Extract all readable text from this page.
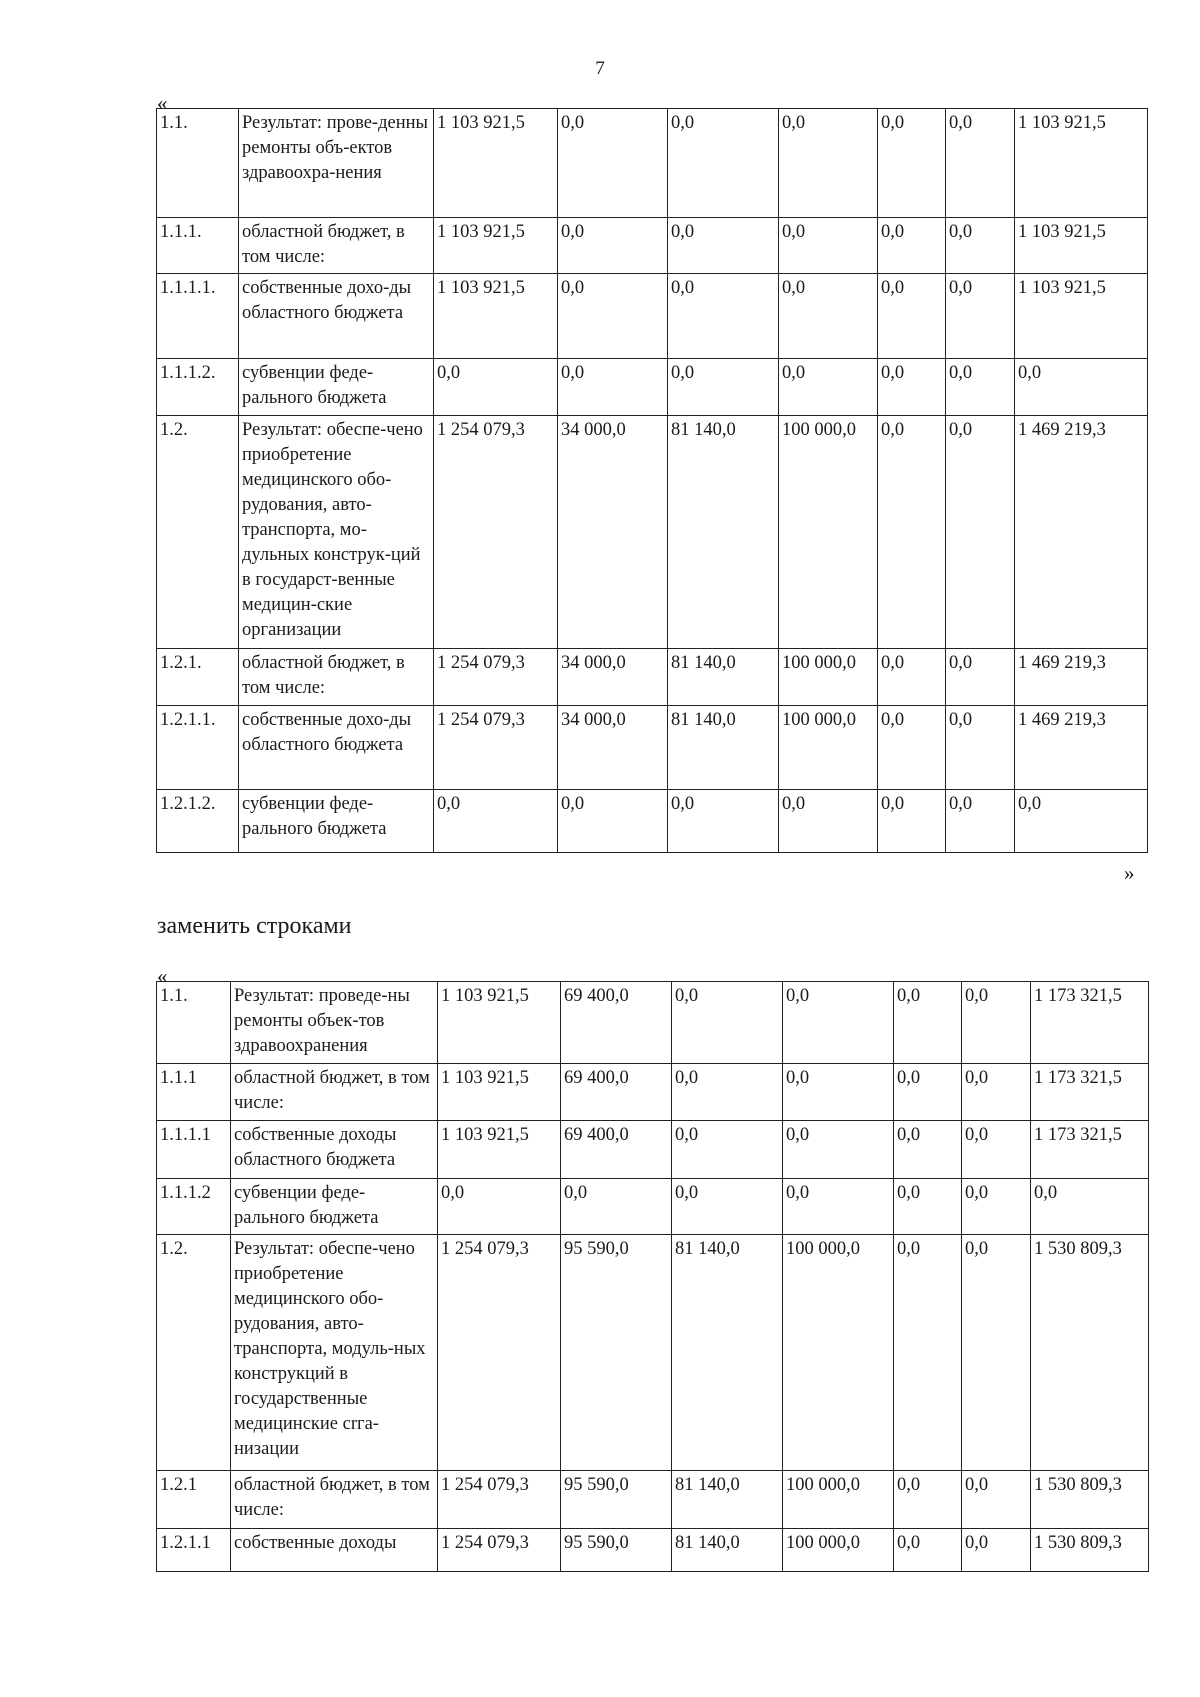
7
«
1.1.	Результат: прове-денны ремонты объ-ектов здравоохра-нения	1 103 921,5	0,0	0,0	0,0	0,0	0,0	1 103 921,5
1.1.1.	областной бюджет, в том числе:	1 103 921,5	0,0	0,0	0,0	0,0	0,0	1 103 921,5
1.1.1.1.	собственные дохо-ды областного бюджета	1 103 921,5	0,0	0,0	0,0	0,0	0,0	1 103 921,5
1.1.1.2.	субвенции феде-рального бюджета	0,0	0,0	0,0	0,0	0,0	0,0	0,0
1.2.	Результат: обеспе-чено приобретение медицинского обо-рудования, авто-транспорта, мо-дульных конструк-ций в государст-венные медицин-ские организации	1 254 079,3	34 000,0	81 140,0	100 000,0	0,0	0,0	1 469 219,3
1.2.1.	областной бюджет, в том числе:	1 254 079,3	34 000,0	81 140,0	100 000,0	0,0	0,0	1 469 219,3
1.2.1.1.	собственные дохо-ды областного бюджета	1 254 079,3	34 000,0	81 140,0	100 000,0	0,0	0,0	1 469 219,3
1.2.1.2.	субвенции феде-рального бюджета	0,0	0,0	0,0	0,0	0,0	0,0	0,0
»
заменить строками
«
1.1.	Результат: проведе-ны ремонты объек-тов здравоохранения	1 103 921,5	69 400,0	0,0	0,0	0,0	0,0	1 173 321,5
1.1.1	областной бюджет, в том числе:	1 103 921,5	69 400,0	0,0	0,0	0,0	0,0	1 173 321,5
1.1.1.1	собственные доходы областного бюджета	1 103 921,5	69 400,0	0,0	0,0	0,0	0,0	1 173 321,5
1.1.1.2	субвенции феде-рального бюджета	0,0	0,0	0,0	0,0	0,0	0,0	0,0
1.2.	Результат: обеспе-чено приобретение медицинского обо-рудования, авто-транспорта, модуль-ных конструкций в государственные медицинские сrга-низации	1 254 079,3	95 590,0	81 140,0	100 000,0	0,0	0,0	1 530 809,3
1.2.1	областной бюджет, в том числе:	1 254 079,3	95 590,0	81 140,0	100 000,0	0,0	0,0	1 530 809,3
1.2.1.1	собственные доходы	1 254 079,3	95 590,0	81 140,0	100 000,0	0,0	0,0	1 530 809,3
